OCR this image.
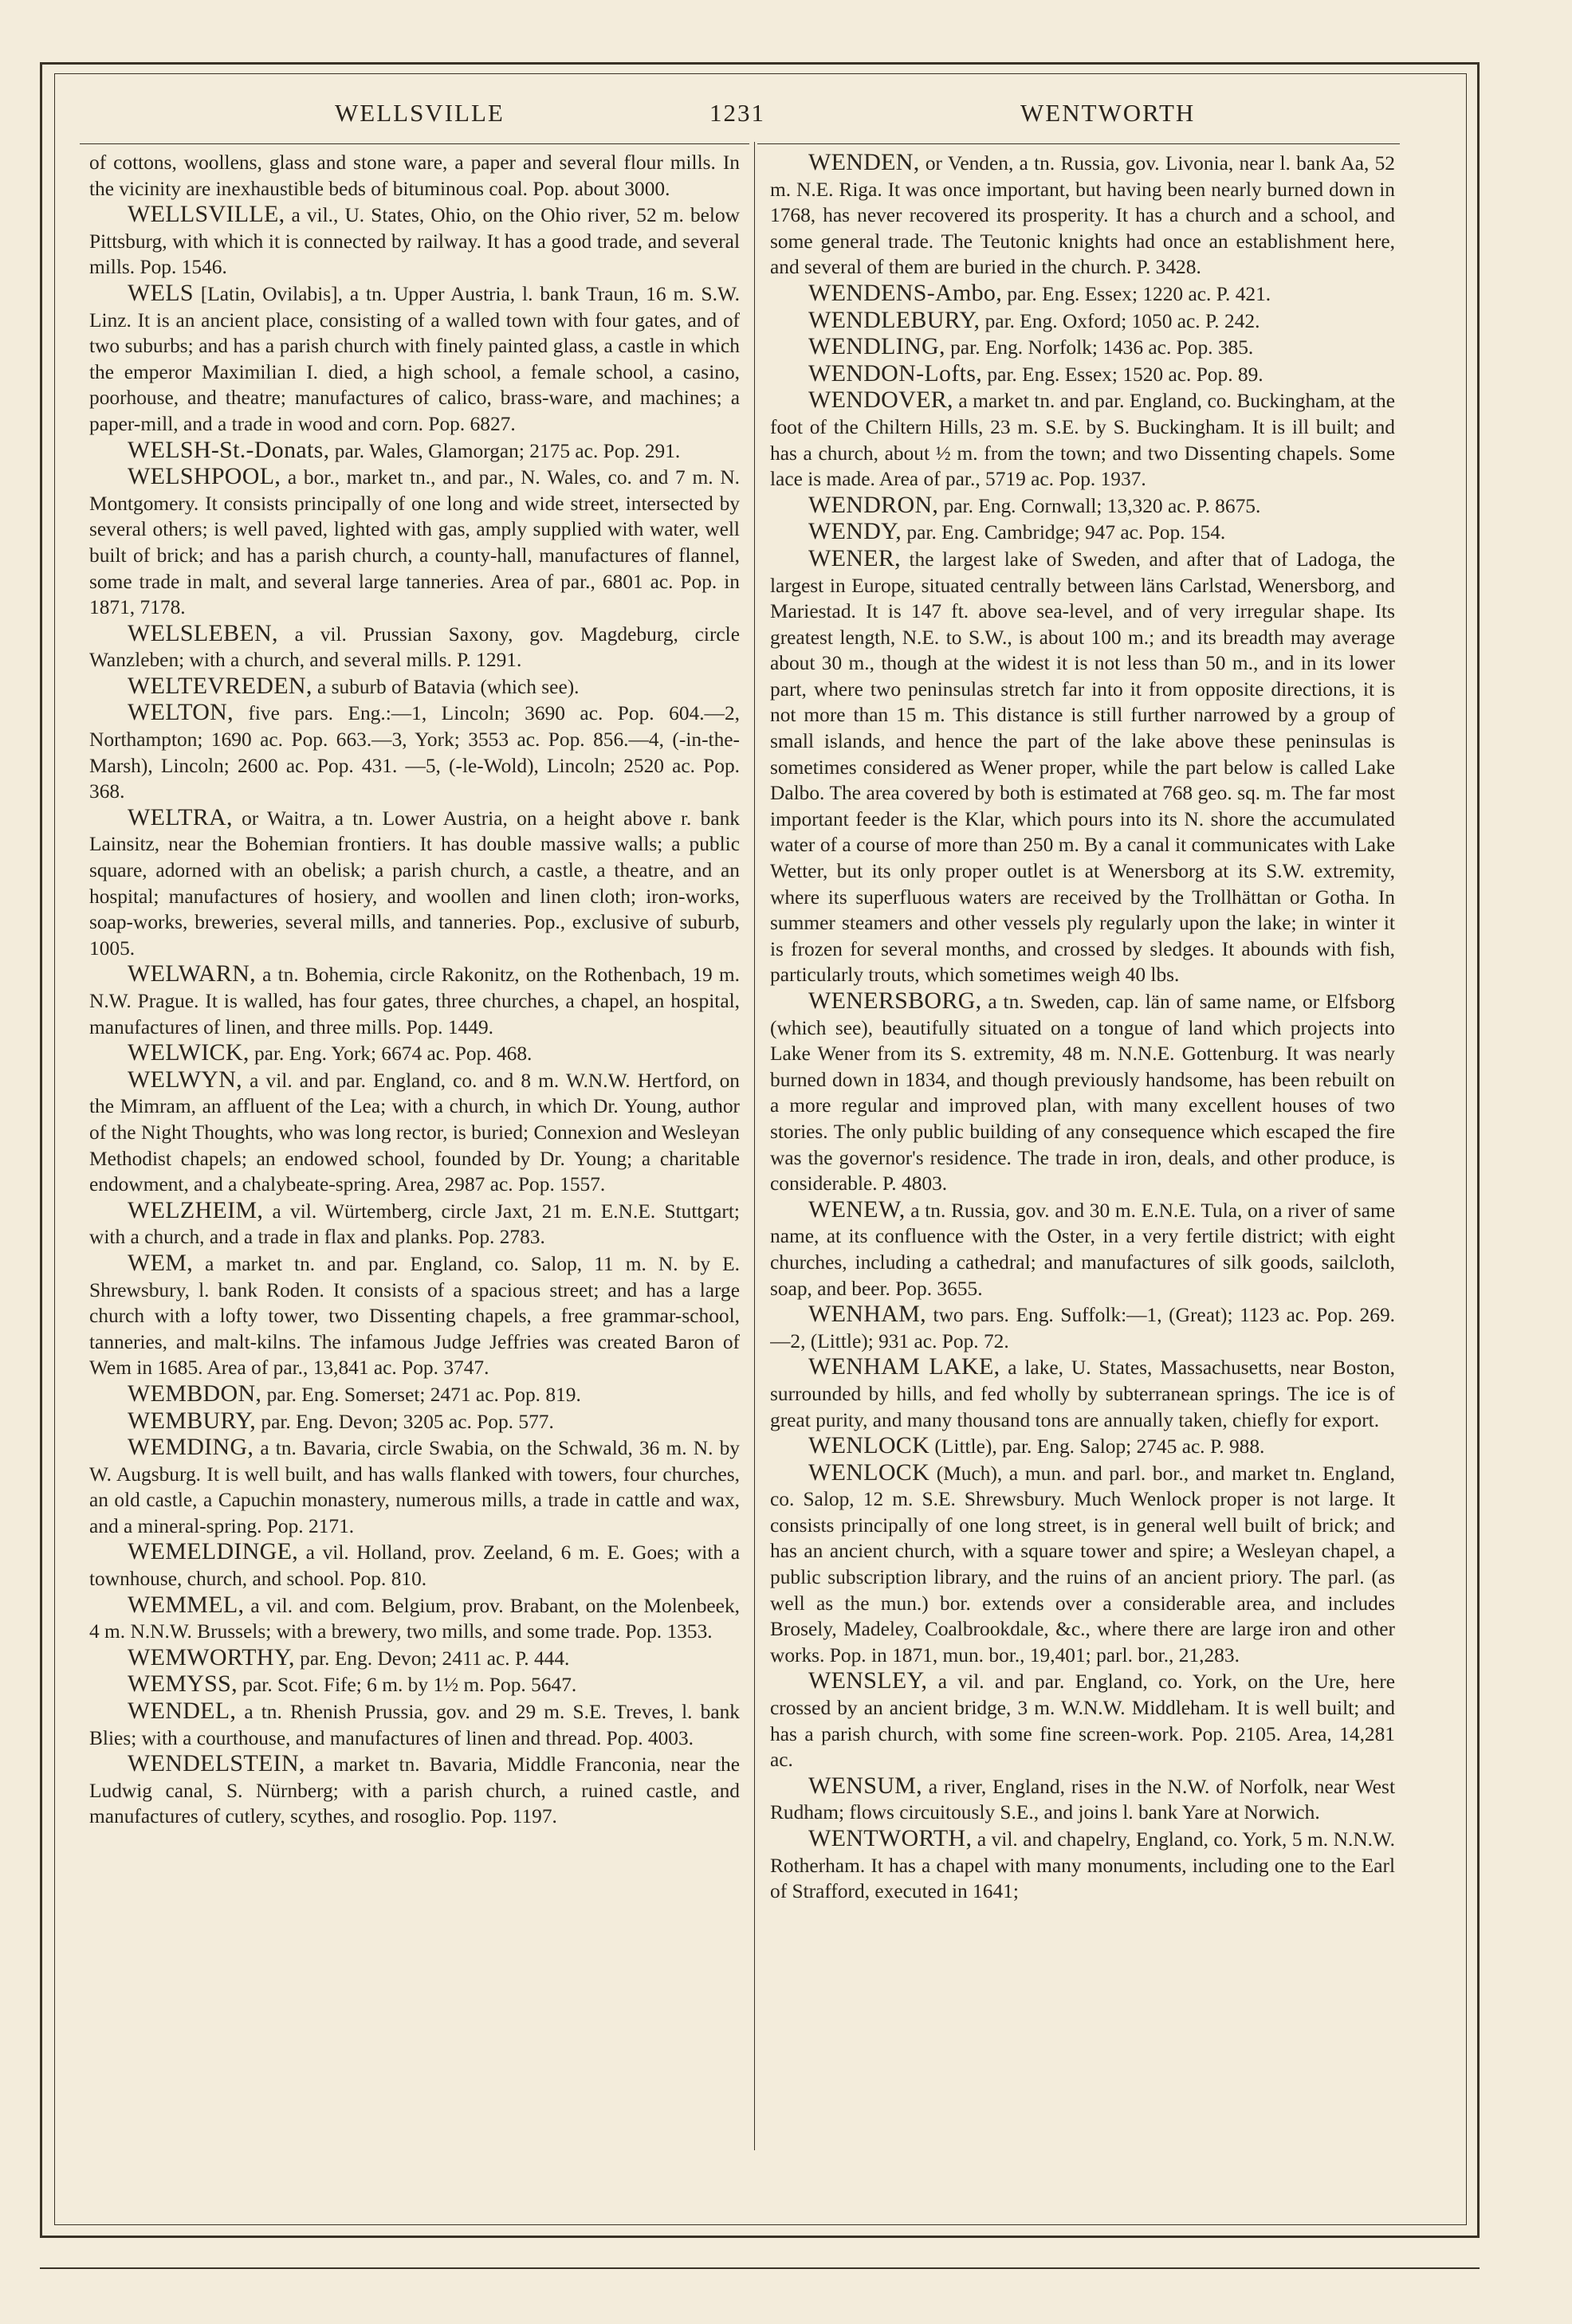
WELLSVILLE	1231	WENTWORTH

of cottons, woollens, glass and stone ware, a paper and several flour mills. In the vicinity are inexhaustible beds of bituminous coal. Pop. about 3000.

WELLSVILLE, a vil., U. States, Ohio, on the Ohio river, 52 m. below Pittsburg, with which it is connected by railway. It has a good trade, and several mills. Pop. 1546.

WELS [Latin, Ovilabis], a tn. Upper Austria, l. bank Traun, 16 m. S.W. Linz. It is an ancient place, consisting of a walled town with four gates, and of two suburbs; and has a parish church with finely painted glass, a castle in which the emperor Maximilian I. died, a high school, a female school, a casino, poorhouse, and theatre; manufactures of calico, brass-ware, and machines; a paper-mill, and a trade in wood and corn. Pop. 6827.

WELSH-St.-Donats, par. Wales, Glamorgan; 2175 ac. Pop. 291.

WELSHPOOL, a bor., market tn., and par., N. Wales, co. and 7 m. N. Montgomery. It consists principally of one long and wide street, intersected by several others; is well paved, lighted with gas, amply supplied with water, well built of brick; and has a parish church, a county-hall, manufactures of flannel, some trade in malt, and several large tanneries. Area of par., 6801 ac. Pop. in 1871, 7178.

WELSLEBEN, a vil. Prussian Saxony, gov. Magdeburg, circle Wanzleben; with a church, and several mills. P. 1291.

WELTEVREDEN, a suburb of Batavia (which see).

WELTON, five pars. Eng.:—1, Lincoln; 3690 ac. Pop. 604.—2, Northampton; 1690 ac. Pop. 663.—3, York; 3553 ac. Pop. 856.—4, (-in-the-Marsh), Lincoln; 2600 ac. Pop. 431. —5, (-le-Wold), Lincoln; 2520 ac. Pop. 368.

WELTRA, or Waitra, a tn. Lower Austria, on a height above r. bank Lainsitz, near the Bohemian frontiers. It has double massive walls; a public square, adorned with an obelisk; a parish church, a castle, a theatre, and an hospital; manufactures of hosiery, and woollen and linen cloth; iron-works, soap-works, breweries, several mills, and tanneries. Pop., exclusive of suburb, 1005.

WELWARN, a tn. Bohemia, circle Rakonitz, on the Rothenbach, 19 m. N.W. Prague. It is walled, has four gates, three churches, a chapel, an hospital, manufactures of linen, and three mills. Pop. 1449.

WELWICK, par. Eng. York; 6674 ac. Pop. 468.

WELWYN, a vil. and par. England, co. and 8 m. W.N.W. Hertford, on the Mimram, an affluent of the Lea; with a church, in which Dr. Young, author of the Night Thoughts, who was long rector, is buried; Connexion and Wesleyan Methodist chapels; an endowed school, founded by Dr. Young; a charitable endowment, and a chalybeate-spring. Area, 2987 ac. Pop. 1557.

WELZHEIM, a vil. Würtemberg, circle Jaxt, 21 m. E.N.E. Stuttgart; with a church, and a trade in flax and planks. Pop. 2783.

WEM, a market tn. and par. England, co. Salop, 11 m. N. by E. Shrewsbury, l. bank Roden. It consists of a spacious street; and has a large church with a lofty tower, two Dissenting chapels, a free grammar-school, tanneries, and malt-kilns. The infamous Judge Jeffries was created Baron of Wem in 1685. Area of par., 13,841 ac. Pop. 3747.

WEMBDON, par. Eng. Somerset; 2471 ac. Pop. 819.

WEMBURY, par. Eng. Devon; 3205 ac. Pop. 577.

WEMDING, a tn. Bavaria, circle Swabia, on the Schwald, 36 m. N. by W. Augsburg. It is well built, and has walls flanked with towers, four churches, an old castle, a Capuchin monastery, numerous mills, a trade in cattle and wax, and a mineral-spring. Pop. 2171.

WEMELDINGE, a vil. Holland, prov. Zeeland, 6 m. E. Goes; with a townhouse, church, and school. Pop. 810.

WEMMEL, a vil. and com. Belgium, prov. Brabant, on the Molenbeek, 4 m. N.N.W. Brussels; with a brewery, two mills, and some trade. Pop. 1353.

WEMWORTHY, par. Eng. Devon; 2411 ac. P. 444.

WEMYSS, par. Scot. Fife; 6 m. by 1½ m. Pop. 5647.

WENDEL, a tn. Rhenish Prussia, gov. and 29 m. S.E. Treves, l. bank Blies; with a courthouse, and manufactures of linen and thread. Pop. 4003.

WENDELSTEIN, a market tn. Bavaria, Middle Franconia, near the Ludwig canal, S. Nürnberg; with a parish church, a ruined castle, and manufactures of cutlery, scythes, and rosoglio. Pop. 1197.

WENDEN, or Venden, a tn. Russia, gov. Livonia, near l. bank Aa, 52 m. N.E. Riga. It was once important, but having been nearly burned down in 1768, has never recovered its prosperity. It has a church and a school, and some general trade. The Teutonic knights had once an establishment here, and several of them are buried in the church. P. 3428.

WENDENS-Ambo, par. Eng. Essex; 1220 ac. P. 421.

WENDLEBURY, par. Eng. Oxford; 1050 ac. P. 242.

WENDLING, par. Eng. Norfolk; 1436 ac. Pop. 385.

WENDON-Lofts, par. Eng. Essex; 1520 ac. Pop. 89.

WENDOVER, a market tn. and par. England, co. Buckingham, at the foot of the Chiltern Hills, 23 m. S.E. by S. Buckingham. It is ill built; and has a church, about ½ m. from the town; and two Dissenting chapels. Some lace is made. Area of par., 5719 ac. Pop. 1937.

WENDRON, par. Eng. Cornwall; 13,320 ac. P. 8675.

WENDY, par. Eng. Cambridge; 947 ac. Pop. 154.

WENER, the largest lake of Sweden, and after that of Ladoga, the largest in Europe, situated centrally between läns Carlstad, Wenersborg, and Mariestad. It is 147 ft. above sea-level, and of very irregular shape. Its greatest length, N.E. to S.W., is about 100 m.; and its breadth may average about 30 m., though at the widest it is not less than 50 m., and in its lower part, where two peninsulas stretch far into it from opposite directions, it is not more than 15 m. This distance is still further narrowed by a group of small islands, and hence the part of the lake above these peninsulas is sometimes considered as Wener proper, while the part below is called Lake Dalbo. The area covered by both is estimated at 768 geo. sq. m. The far most important feeder is the Klar, which pours into its N. shore the accumulated water of a course of more than 250 m. By a canal it communicates with Lake Wetter, but its only proper outlet is at Wenersborg at its S.W. extremity, where its superfluous waters are received by the Trollhättan or Gotha. In summer steamers and other vessels ply regularly upon the lake; in winter it is frozen for several months, and crossed by sledges. It abounds with fish, particularly trouts, which sometimes weigh 40 lbs.

WENERSBORG, a tn. Sweden, cap. län of same name, or Elfsborg (which see), beautifully situated on a tongue of land which projects into Lake Wener from its S. extremity, 48 m. N.N.E. Gottenburg. It was nearly burned down in 1834, and though previously handsome, has been rebuilt on a more regular and improved plan, with many excellent houses of two stories. The only public building of any consequence which escaped the fire was the governor's residence. The trade in iron, deals, and other produce, is considerable. P. 4803.

WENEW, a tn. Russia, gov. and 30 m. E.N.E. Tula, on a river of same name, at its confluence with the Oster, in a very fertile district; with eight churches, including a cathedral; and manufactures of silk goods, sailcloth, soap, and beer. Pop. 3655.

WENHAM, two pars. Eng. Suffolk:—1, (Great); 1123 ac. Pop. 269.—2, (Little); 931 ac. Pop. 72.

WENHAM LAKE, a lake, U. States, Massachusetts, near Boston, surrounded by hills, and fed wholly by subterranean springs. The ice is of great purity, and many thousand tons are annually taken, chiefly for export.

WENLOCK (Little), par. Eng. Salop; 2745 ac. P. 988.

WENLOCK (Much), a mun. and parl. bor., and market tn. England, co. Salop, 12 m. S.E. Shrewsbury. Much Wenlock proper is not large. It consists principally of one long street, is in general well built of brick; and has an ancient church, with a square tower and spire; a Wesleyan chapel, a public subscription library, and the ruins of an ancient priory. The parl. (as well as the mun.) bor. extends over a considerable area, and includes Brosely, Madeley, Coalbrookdale, &c., where there are large iron and other works. Pop. in 1871, mun. bor., 19,401; parl. bor., 21,283.

WENSLEY, a vil. and par. England, co. York, on the Ure, here crossed by an ancient bridge, 3 m. W.N.W. Middleham. It is well built; and has a parish church, with some fine screen-work. Pop. 2105. Area, 14,281 ac.

WENSUM, a river, England, rises in the N.W. of Norfolk, near West Rudham; flows circuitously S.E., and joins l. bank Yare at Norwich.

WENTWORTH, a vil. and chapelry, England, co. York, 5 m. N.N.W. Rotherham. It has a chapel with many monuments, including one to the Earl of Strafford, executed in 1641;
